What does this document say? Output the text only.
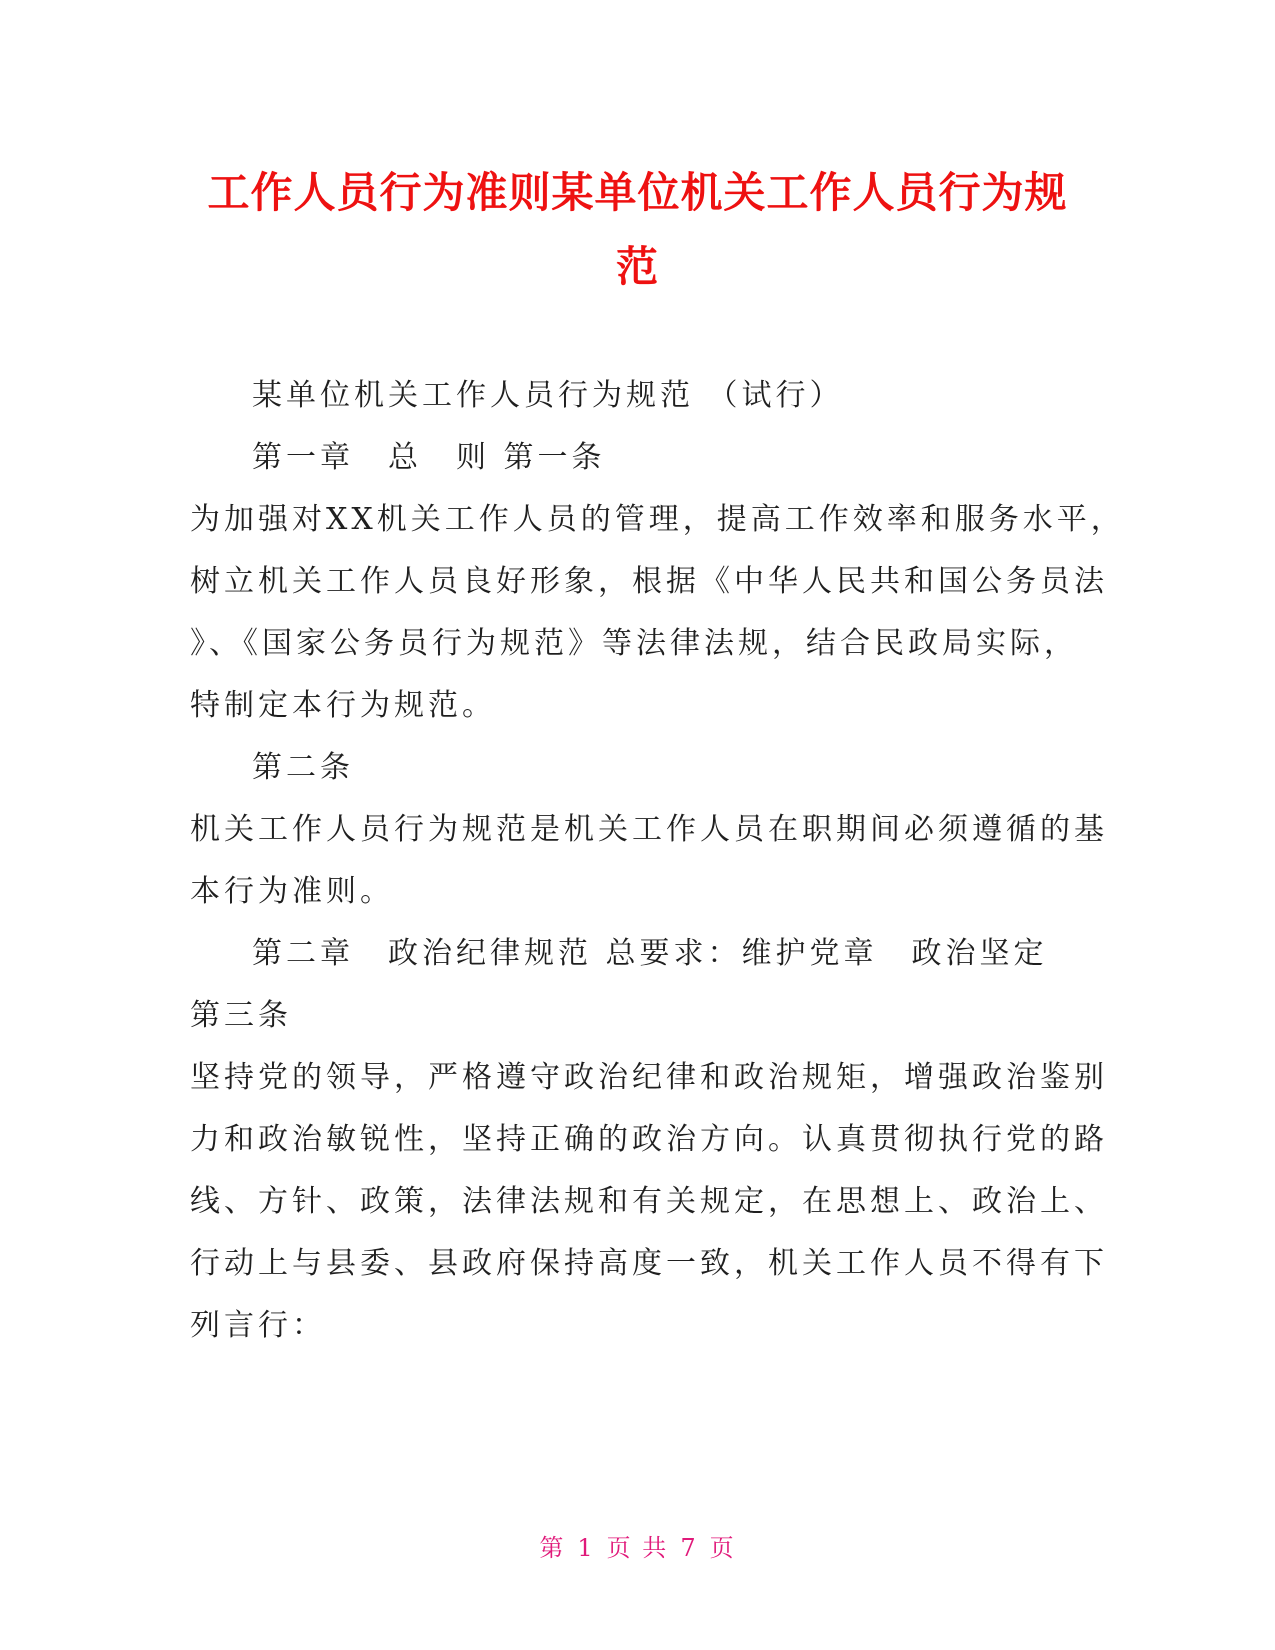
工作人员行为准则某单位机关工作人员行为规
范
某单位机关工作人员行为规范 （试行）
第一章　总　则 第一条
为加强对XX机关工作人员的管理，提高工作效率和服务水平，
树立机关工作人员良好形象，根据《中华人民共和国公务员法
》、《国家公务员行为规范》等法律法规，结合民政局实际，
特制定本行为规范。
第二条
机关工作人员行为规范是机关工作人员在职期间必须遵循的基
本行为准则。
第二章　政治纪律规范 总要求：维护党章　政治坚定
第三条
坚持党的领导，严格遵守政治纪律和政治规矩，增强政治鉴别
力和政治敏锐性，坚持正确的政治方向。认真贯彻执行党的路
线、方针、政策，法律法规和有关规定，在思想上、政治上、
行动上与县委、县政府保持高度一致，机关工作人员不得有下
列言行：
第 1 页 共 7 页
